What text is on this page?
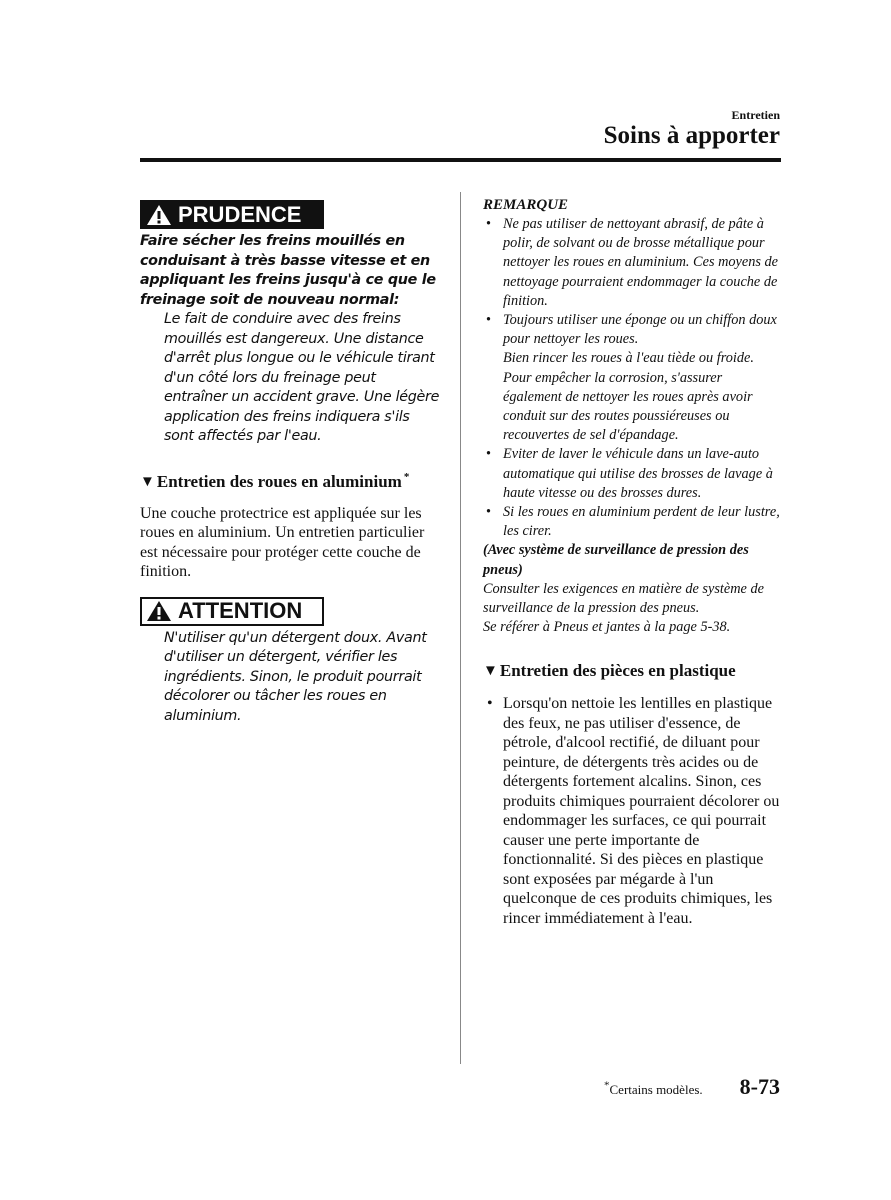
Entretien
Soins à apporter
PRUDENCE
Faire sécher les freins mouillés en conduisant à très basse vitesse et en appliquant les freins jusqu'à ce que le freinage soit de nouveau normal:
Le fait de conduire avec des freins mouillés est dangereux. Une distance d'arrêt plus longue ou le véhicule tirant d'un côté lors du freinage peut entraîner un accident grave. Une légère application des freins indiquera s'ils sont affectés par l'eau.
▼ Entretien des roues en aluminium *
Une couche protectrice est appliquée sur les roues en aluminium. Un entretien particulier est nécessaire pour protéger cette couche de finition.
ATTENTION
N'utiliser qu'un détergent doux. Avant d'utiliser un détergent, vérifier les ingrédients. Sinon, le produit pourrait décolorer ou tâcher les roues en aluminium.
REMARQUE
• Ne pas utiliser de nettoyant abrasif, de pâte à polir, de solvant ou de brosse métallique pour nettoyer les roues en aluminium. Ces moyens de nettoyage pourraient endommager la couche de finition.
• Toujours utiliser une éponge ou un chiffon doux pour nettoyer les roues.
Bien rincer les roues à l'eau tiède ou froide. Pour empêcher la corrosion, s'assurer également de nettoyer les roues après avoir conduit sur des routes poussiéreuses ou recouvertes de sel d'épandage.
• Eviter de laver le véhicule dans un lave-auto automatique qui utilise des brosses de lavage à haute vitesse ou des brosses dures.
• Si les roues en aluminium perdent de leur lustre, les cirer.
(Avec système de surveillance de pression des pneus)
Consulter les exigences en matière de système de surveillance de la pression des pneus.
Se référer à Pneus et jantes à la page 5-38.
▼ Entretien des pièces en plastique
• Lorsqu'on nettoie les lentilles en plastique des feux, ne pas utiliser d'essence, de pétrole, d'alcool rectifié, de diluant pour peinture, de détergents très acides ou de détergents fortement alcalins. Sinon, ces produits chimiques pourraient décolorer ou endommager les surfaces, ce qui pourrait causer une perte importante de fonctionnalité. Si des pièces en plastique sont exposées par mégarde à l'un quelconque de ces produits chimiques, les rincer immédiatement à l'eau.
*Certains modèles. 8-73
